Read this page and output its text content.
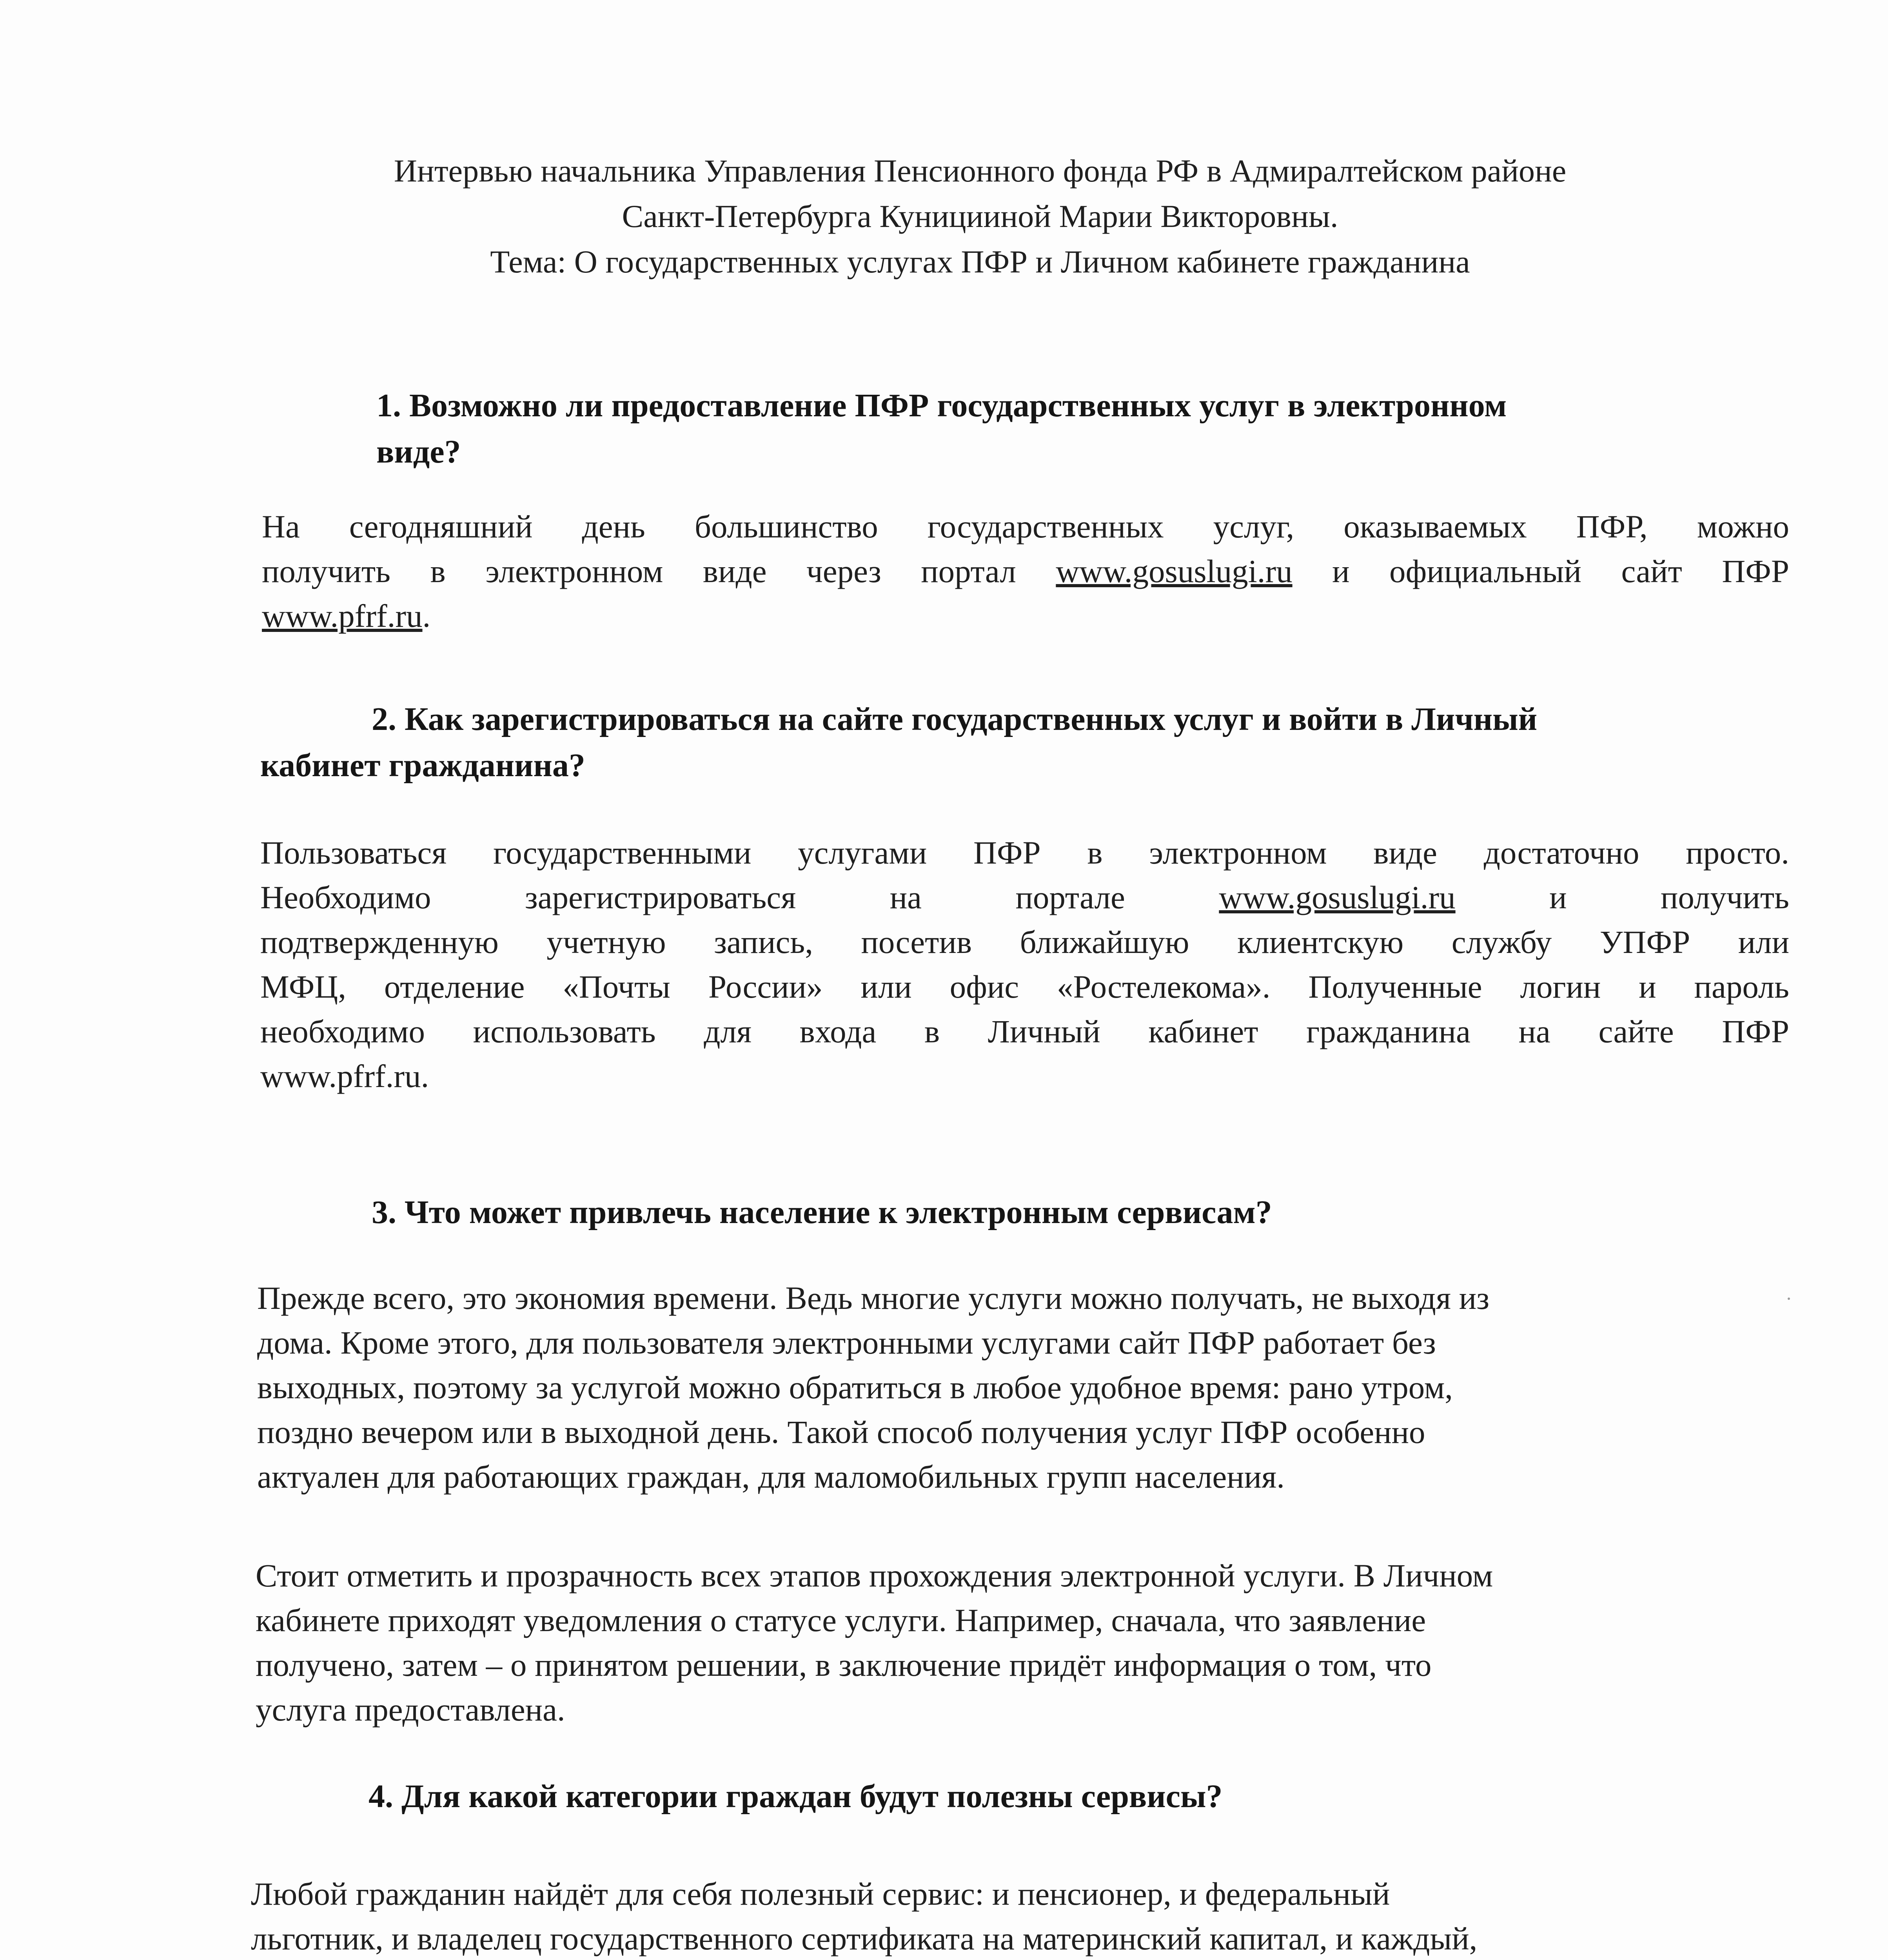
Интервью начальника Управления Пенсионного фонда РФ в Адмиралтейском районе
Санкт-Петербурга Куницииной Марии Викторовны.
Тема: О государственных услугах ПФР и Личном кабинете гражданина
1. Возможно ли предоставление ПФР государственных услуг в электронном
виде?
На сегодняшний день большинство государственных услуг, оказываемых ПФР, можно
получить в электронном виде через портал www.gosuslugi.ru и официальный сайт ПФР
www.pfrf.ru.
2. Как зарегистрироваться на сайте государственных услуг и войти в Личный
кабинет гражданина?
Пользоваться государственными услугами ПФР в электронном виде достаточно просто.
Необходимо зарегистрироваться на портале www.gosuslugi.ru и получить
подтвержденную учетную запись, посетив ближайшую клиентскую службу УПФР или
МФЦ, отделение «Почты России» или офис «Ростелекома». Полученные логин и пароль
необходимо использовать для входа в Личный кабинет гражданина на сайте ПФР
www.pfrf.ru.
3. Что может привлечь население к электронным сервисам?
Прежде всего, это экономия времени. Ведь многие услуги можно получать, не выходя из
дома. Кроме этого, для пользователя электронными услугами сайт ПФР работает без
выходных, поэтому за услугой можно обратиться в любое удобное время: рано утром,
поздно вечером или в выходной день. Такой способ получения услуг ПФР особенно
актуален для работающих граждан, для маломобильных групп населения.
Стоит отметить и прозрачность всех этапов прохождения электронной услуги. В Личном
кабинете приходят уведомления о статусе услуги. Например, сначала, что заявление
получено, затем – о принятом решении, в заключение придёт информация о том, что
услуга предоставлена.
4. Для какой категории граждан будут полезны сервисы?
Любой гражданин найдёт для себя полезный сервис: и пенсионер, и федеральный
льготник, и владелец государственного сертификата на материнский капитал, и каждый,
